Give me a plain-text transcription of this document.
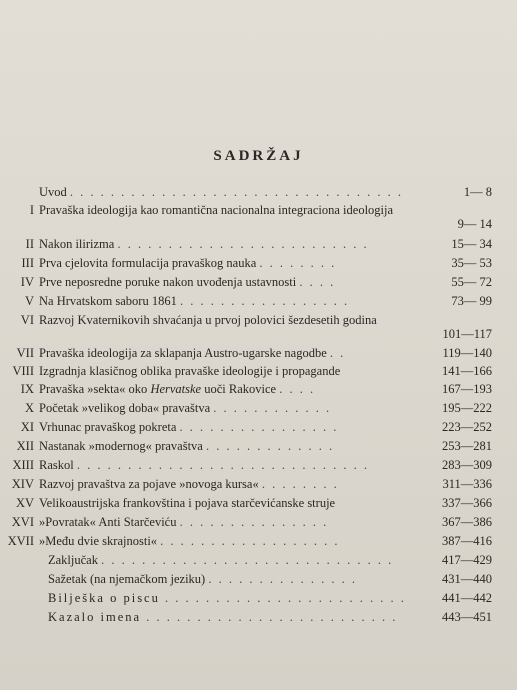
SADRŽAJ
Uvod . . . . . . . . . . . . . . . . . . . . . . . . . . . . . . . . .	1— 8
I Pravaška ideologija kao romantična nacionalna integraciona ideologija
9— 14
II Nakon ilirizma . . . . . . . . . . . . . . . . . . . . . . . . .	15— 34
III Prva cjelovita formulacija pravaškog nauka . . . . . . . .	35— 53
IV Prve neposredne poruke nakon uvođenja ustavnosti . . . .	55— 72
V Na Hrvatskom saboru 1861 . . . . . . . . . . . . . . . . .	73— 99
VI Razvoj Kvaternikovih shvaćanja u prvoj polovici šezdesetih godina
101—117
VII Pravaška ideologija za sklapanja Austro-ugarske nagodbe . .	119—140
VIII Izgradnja klasičnog oblika pravaške ideologije i propagande	141—166
IX Pravaška »sekta« oko Hervatske uoči Rakovice . . . .	167—193
X Početak »velikog doba« pravaštva . . . . . . . . . . . .	195—222
XI Vrhunac pravaškog pokreta . . . . . . . . . . . . . . . .	223—252
XII Nastanak »modernog« pravaštva . . . . . . . . . . . . .	253—281
XIII Raskol . . . . . . . . . . . . . . . . . . . . . . . . . . . . .	283—309
XIV Razvoj pravaštva za pojave »novoga kursa« . . . . . . . .	311—336
XV Velikoaustrijska frankovština i pojava starčevićanske struje	337—366
XVI »Povratak« Anti Starčeviću . . . . . . . . . . . . . . .	367—386
XVII »Među dvie skrajnosti« . . . . . . . . . . . . . . . . . .	387—416
Zaključak . . . . . . . . . . . . . . . . . . . . . . . . . . . . .	417—429
Sažetak (na njemačkom jeziku) . . . . . . . . . . . . . . .	431—440
Bilješka o piscu . . . . . . . . . . . . . . . . . . . . . . . .	441—442
Kazalo imena . . . . . . . . . . . . . . . . . . . . . . . . .	443—451
